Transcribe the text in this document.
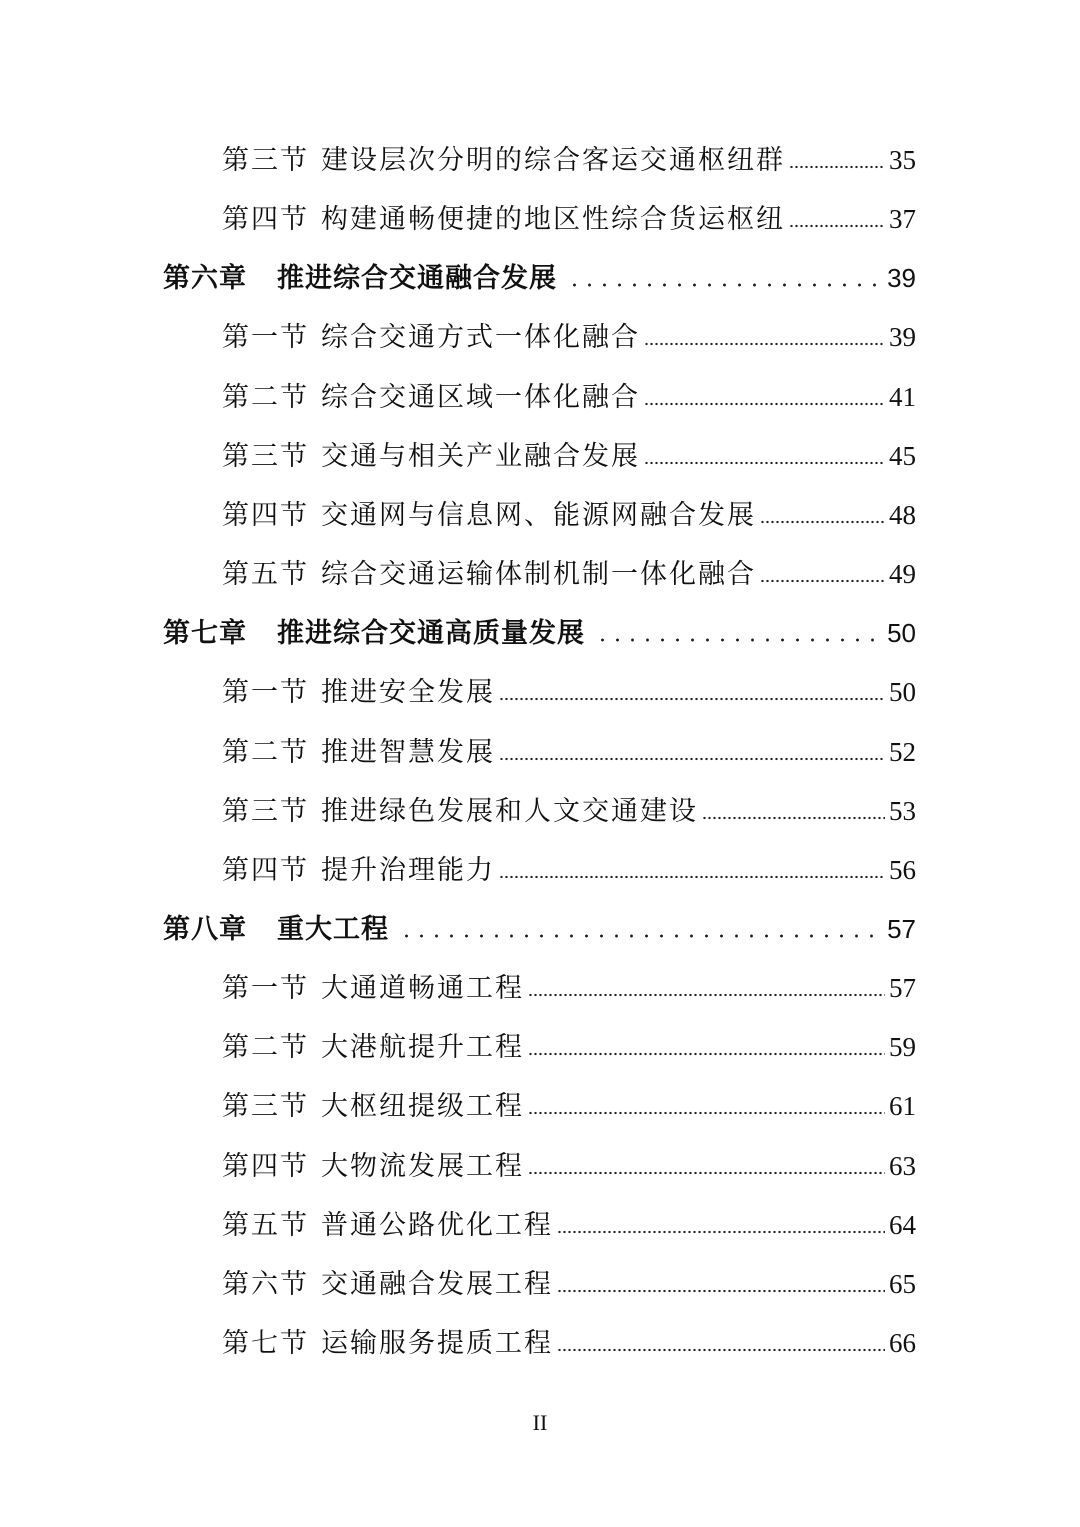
第三节 建设层次分明的综合客运交通枢纽群	35
第四节 构建通畅便捷的地区性综合货运枢纽	37
第六章 推进综合交通融合发展	39
第一节 综合交通方式一体化融合	39
第二节 综合交通区域一体化融合	41
第三节 交通与相关产业融合发展	45
第四节 交通网与信息网、能源网融合发展	48
第五节 综合交通运输体制机制一体化融合	49
第七章 推进综合交通高质量发展	50
第一节 推进安全发展	50
第二节 推进智慧发展	52
第三节 推进绿色发展和人文交通建设	53
第四节 提升治理能力	56
第八章 重大工程	57
第一节 大通道畅通工程	57
第二节 大港航提升工程	59
第三节 大枢纽提级工程	61
第四节 大物流发展工程	63
第五节 普通公路优化工程	64
第六节 交通融合发展工程	65
第七节 运输服务提质工程	66
II
